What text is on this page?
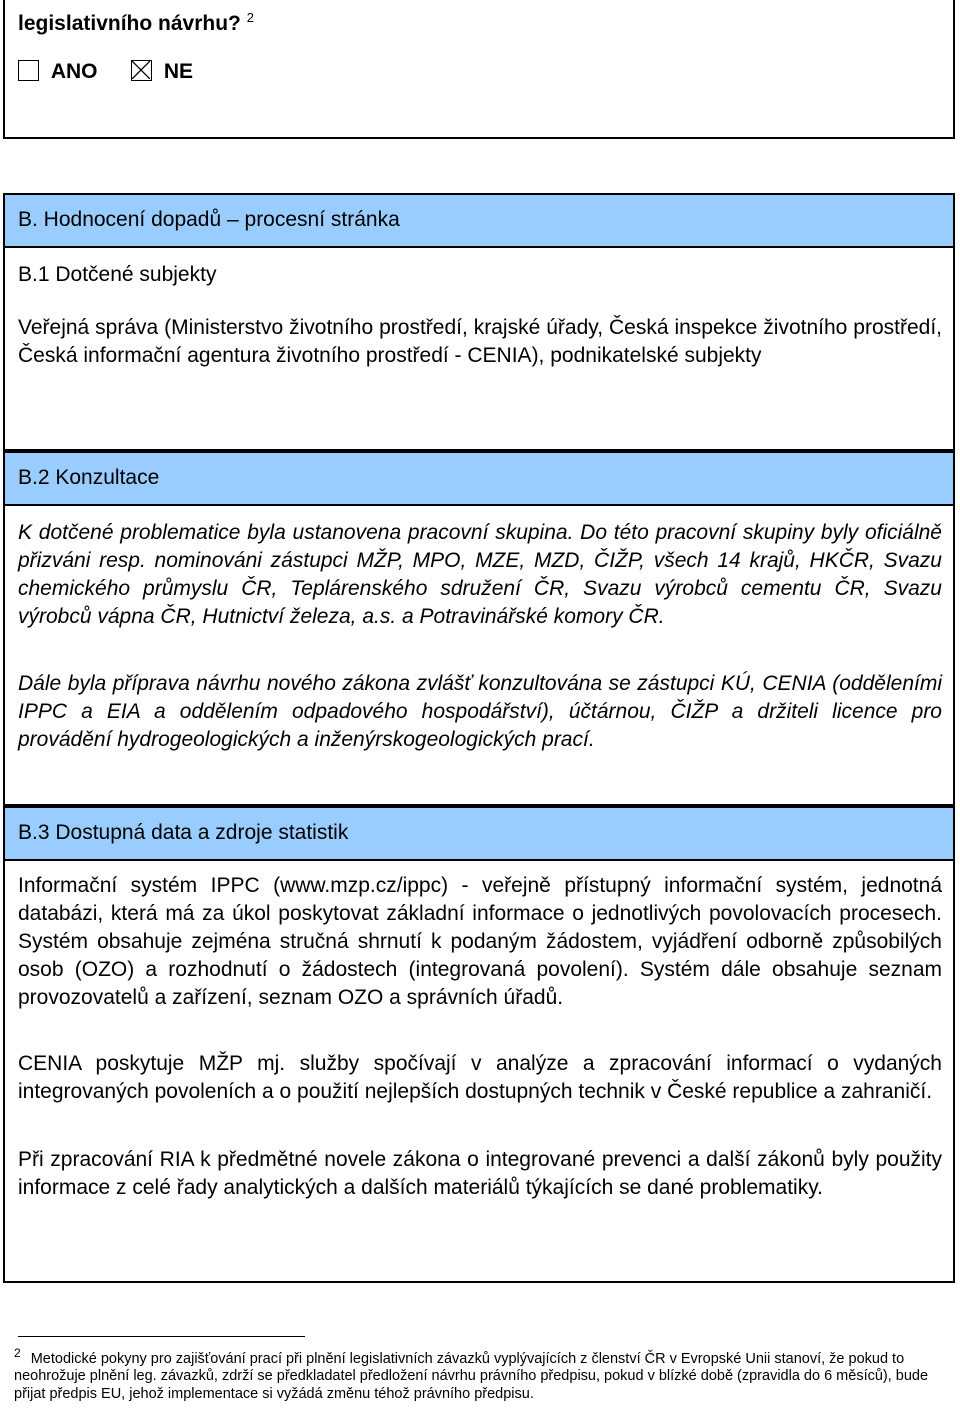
legislativního návrhu? $^2$
ANO	NE
B. Hodnocení dopadů – procesní stránka
B.1 Dotčené subjekty
Veřejná správa (Ministerstvo životního prostředí, krajské úřady, Česká inspekce životního prostředí, Česká informační agentura životního prostředí - CENIA), podnikatelské subjekty
B.2 Konzultace
K dotčené problematice byla ustanovena pracovní skupina. Do této pracovní skupiny byly oficiálně přizváni resp. nominováni zástupci MŽP, MPO, MZE, MZD, ČIŽP, všech 14 krajů, HKČR, Svazu chemického průmyslu ČR, Teplárenského sdružení ČR, Svazu výrobců cementu ČR, Svazu výrobců vápna ČR, Hutnictví železa, a.s. a Potravinářské komory ČR.
Dále byla příprava návrhu nového zákona zvlášť konzultována se zástupci KÚ, CENIA (odděleními IPPC a EIA a oddělením odpadového hospodářství), účtárnou, ČIŽP a držiteli licence pro provádění hydrogeologických a inženýrskogeologických prací.
B.3 Dostupná data a zdroje statistik
Informační systém IPPC (www.mzp.cz/ippc) - veřejně přístupný informační systém, jednotná databázi, která má za úkol poskytovat základní informace o jednotlivých povolovacích procesech. Systém obsahuje zejména stručná shrnutí k podaným žádostem, vyjádření odborně způsobilých osob (OZO) a rozhodnutí o žádostech (integrovaná povolení). Systém dále obsahuje seznam provozovatelů a zařízení, seznam OZO a správních úřadů.
CENIA poskytuje MŽP mj. služby spočívají v analýze a zpracování informací o vydaných integrovaných povoleních a o použití nejlepších dostupných technik v České republice a zahraničí.
Při zpracování RIA k předmětné novele zákona o integrované prevenci a další zákonů byly použity informace z celé řady analytických a dalších materiálů týkajících se dané problematiky.
$^2$ Metodické pokyny pro zajišťování prací při plnění legislativních závazků vyplývajících z členství ČR v Evropské Unii stanoví, že pokud to neohrožuje plnění leg. závazků, zdrží se předkladatel předložení návrhu právního předpisu, pokud v blízké době (zpravidla do 6 měsíců), bude přijat předpis EU, jehož implementace si vyžádá změnu téhož právního předpisu.
